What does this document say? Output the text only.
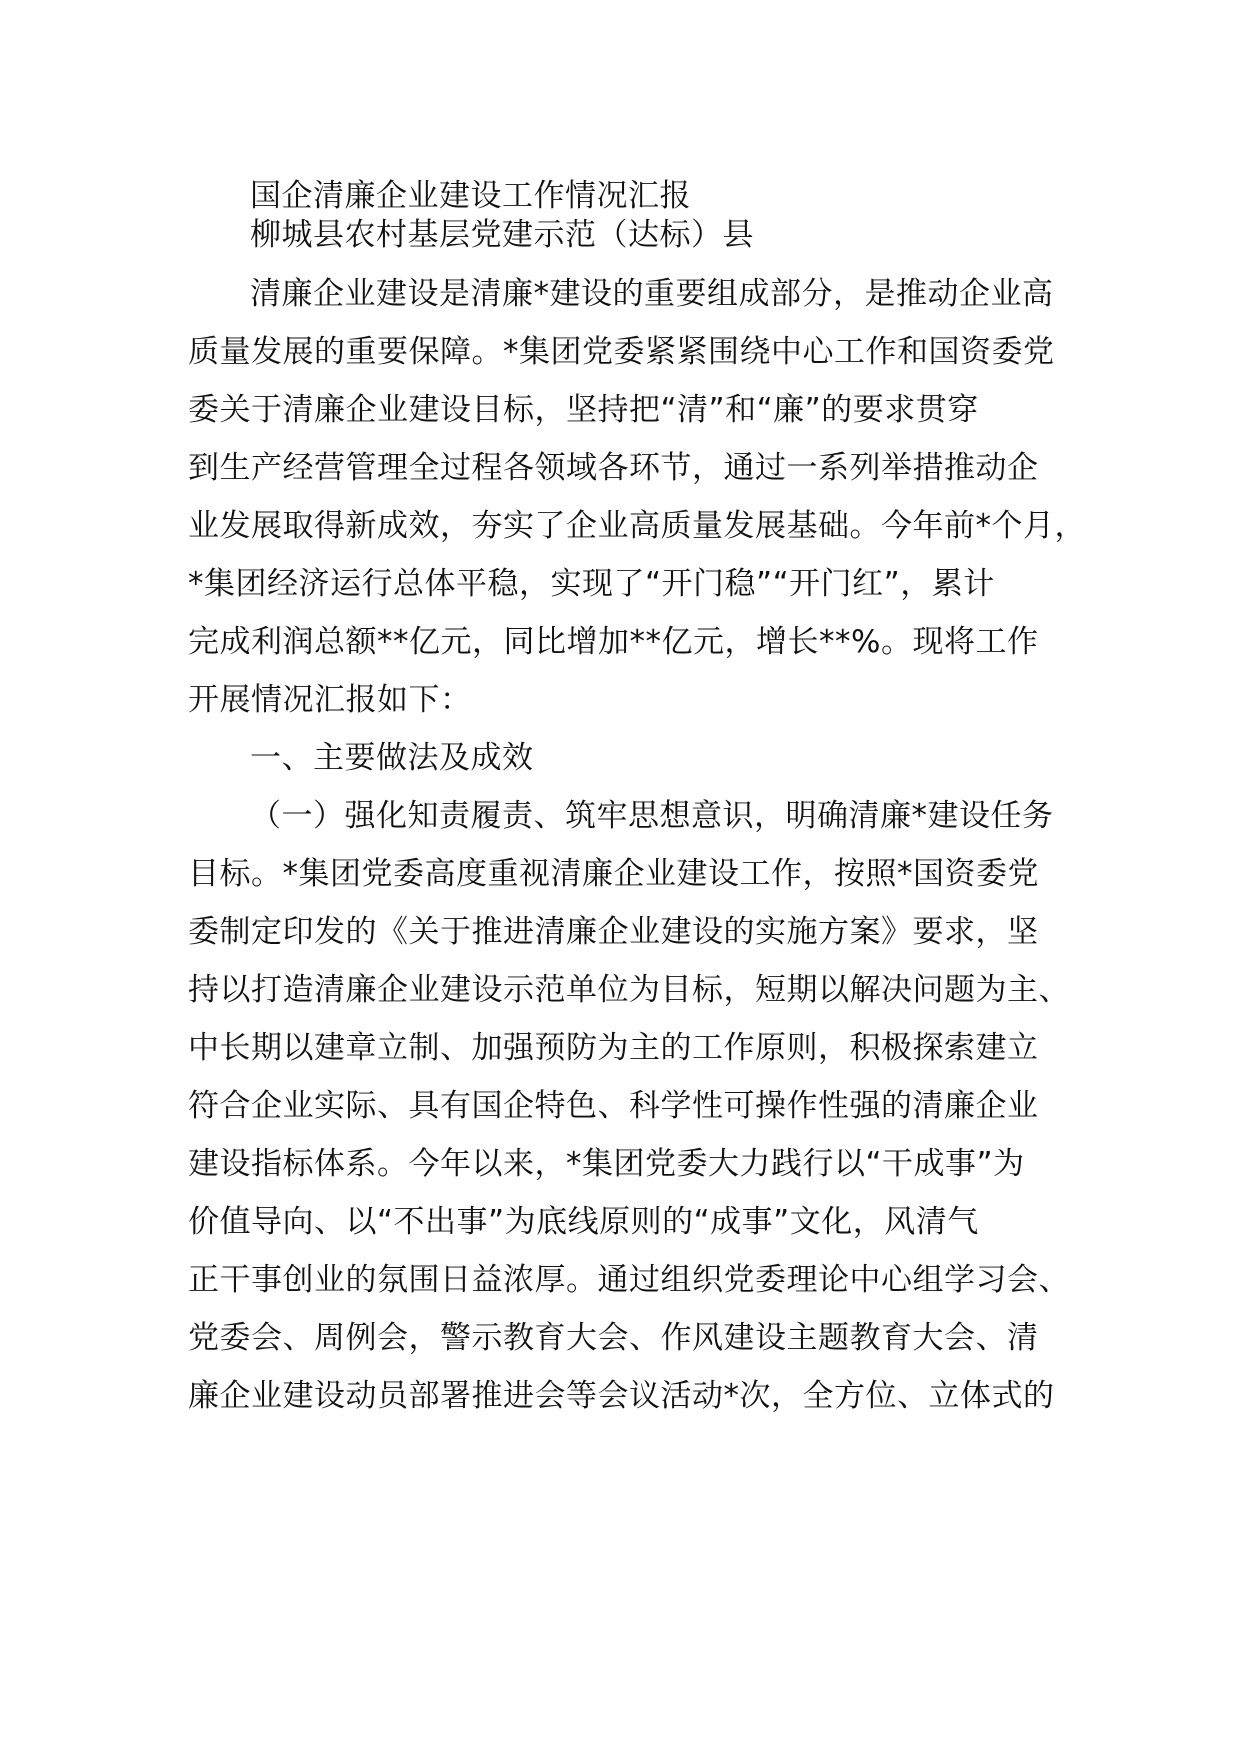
国企清廉企业建设工作情况汇报
柳城县农村基层党建示范（达标）县
清廉企业建设是清廉*建设的重要组成部分，是推动企业高
质量发展的重要保障。*集团党委紧紧围绕中心工作和国资委党
委关于清廉企业建设目标，坚持把“清”和“廉”的要求贯穿
到生产经营管理全过程各领域各环节，通过一系列举措推动企
业发展取得新成效，夯实了企业高质量发展基础。今年前*个月，
*集团经济运行总体平稳，实现了“开门稳”“开门红”，累计
完成利润总额**亿元，同比增加**亿元，增长**%。现将工作
开展情况汇报如下：
一、主要做法及成效
（一）强化知责履责、筑牢思想意识，明确清廉*建设任务
目标。*集团党委高度重视清廉企业建设工作，按照*国资委党
委制定印发的《关于推进清廉企业建设的实施方案》要求，坚
持以打造清廉企业建设示范单位为目标，短期以解决问题为主、
中长期以建章立制、加强预防为主的工作原则，积极探索建立
符合企业实际、具有国企特色、科学性可操作性强的清廉企业
建设指标体系。今年以来，*集团党委大力践行以“干成事”为
价值导向、以“不出事”为底线原则的“成事”文化，风清气
正干事创业的氛围日益浓厚。通过组织党委理论中心组学习会、
党委会、周例会，警示教育大会、作风建设主题教育大会、清
廉企业建设动员部署推进会等会议活动*次，全方位、立体式的
